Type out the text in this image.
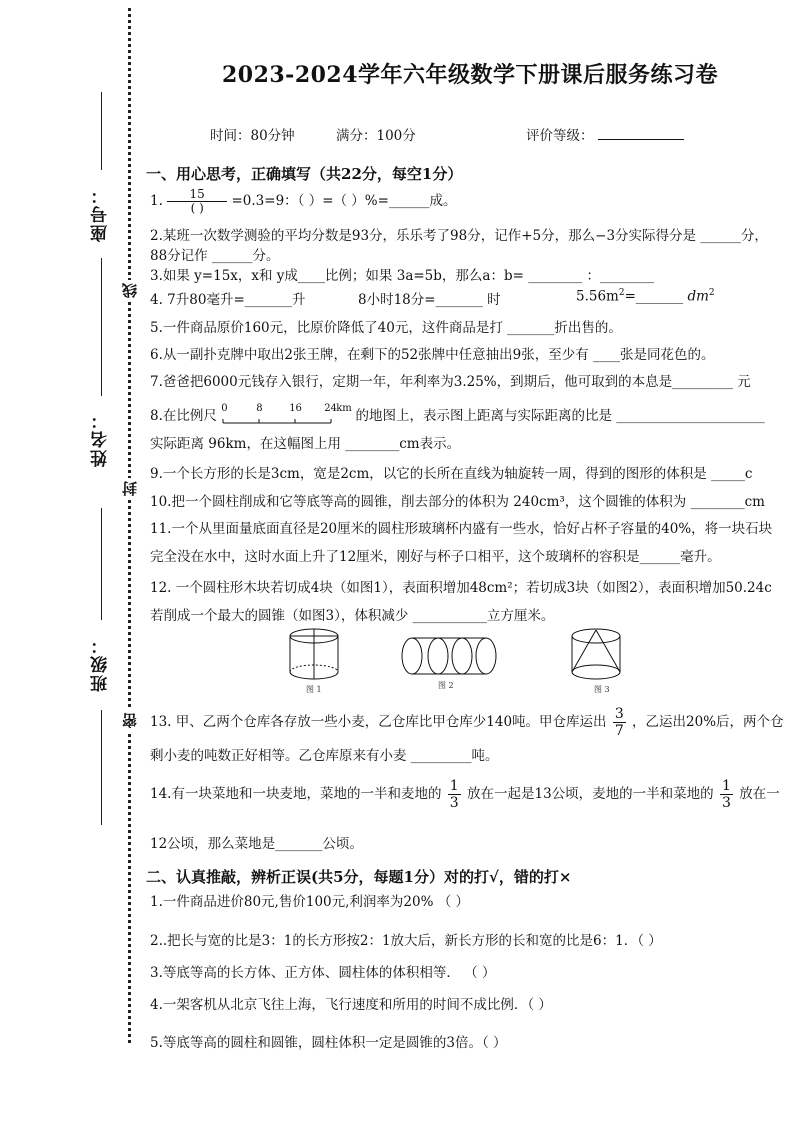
座号：
姓名：
班级：
线
封
密
2023-2024学年六年级数学下册课后服务练习卷
时间：80分钟	满分：100分	评价等级：
一、用心思考，正确填写（共22分，每空1分）
1. $\frac{15}{( )} =0.3=9$：（ ）=（ ）%=______成。
2.某班一次数学测验的平均分数是93分，乐乐考了98分，记作+5分，那么−3分实际得分是 ______分，
88分记作 ______分。
3.如果 y=15x，x和 y成____比例；如果 3a=5b，那么a：b= ________ ：________
4. 7升80毫升=_______升	8小时18分=_______ 时	$5.56m^2=\_\_\_\_\_\_\_$ $dm^2$
5.一件商品原价160元，比原价降低了40元，这件商品是打 _______折出售的。
6.从一副扑克牌中取出2张王牌，在剩下的52张牌中任意抽出9张，至少有 ____张是同花色的。
7.爸爸把6000元钱存入银行，定期一年，年利率为3.25%，到期后，他可取到的本息是_________ 元
8.在比例尺 0	8	16 24 km 的地图上，表示图上距离与实际距离的比是 ______________________
实际距离 96km，在这幅图上用 ________cm表示。
9.一个长方形的长是3cm，宽是2cm，以它的长所在直线为轴旋转一周，得到的图形的体积是 _____c
10.把一个圆柱削成和它等底等高的圆锥，削去部分的体积为 240cm³，这个圆锥的体积为 ________cm
11.一个从里面量底面直径是20厘米的圆柱形玻璃杯内盛有一些水，恰好占杯子容量的40%，将一块石块
完全没在水中，这时水面上升了12厘米，刚好与杯子口相平，这个玻璃杯的容积是______毫升。
12. 一个圆柱形木块若切成4块（如图1），表面积增加48cm²；若切成3块（如图2），表面积增加50.24c
若削成一个最大的圆锥（如图3），体积减少 ___________立方厘米。
图 1	图 2	图 3
13. 甲、乙两个仓库各存放一些小麦，乙仓库比甲仓库少140吨。甲仓库运出 $\frac{3}{7}$ ，乙运出20%后，两个仓
剩小麦的吨数正好相等。乙仓库原来有小麦 _________吨。
14.有一块菜地和一块麦地，菜地的一半和麦地的 $\frac{1}{3}$ 放在一起是13公顷，麦地的一半和菜地的 $\frac{1}{3}$ 放在一
12公顷，那么菜地是_______公顷。
二、认真推敲，辨析正误(共5分，每题1分）对的打√，错的打×
1.一件商品进价80元,售价100元,利润率为20% （ ）
2..把长与宽的比是3：1的长方形按2：1放大后，新长方形的长和宽的比是6：1．（ ）
3.等底等高的长方体、正方体、圆柱体的体积相等． （ ）
4.一架客机从北京飞往上海，飞行速度和所用的时间不成比例．（ ）
5.等底等高的圆柱和圆锥，圆柱体积一定是圆锥的3倍。（ ）
